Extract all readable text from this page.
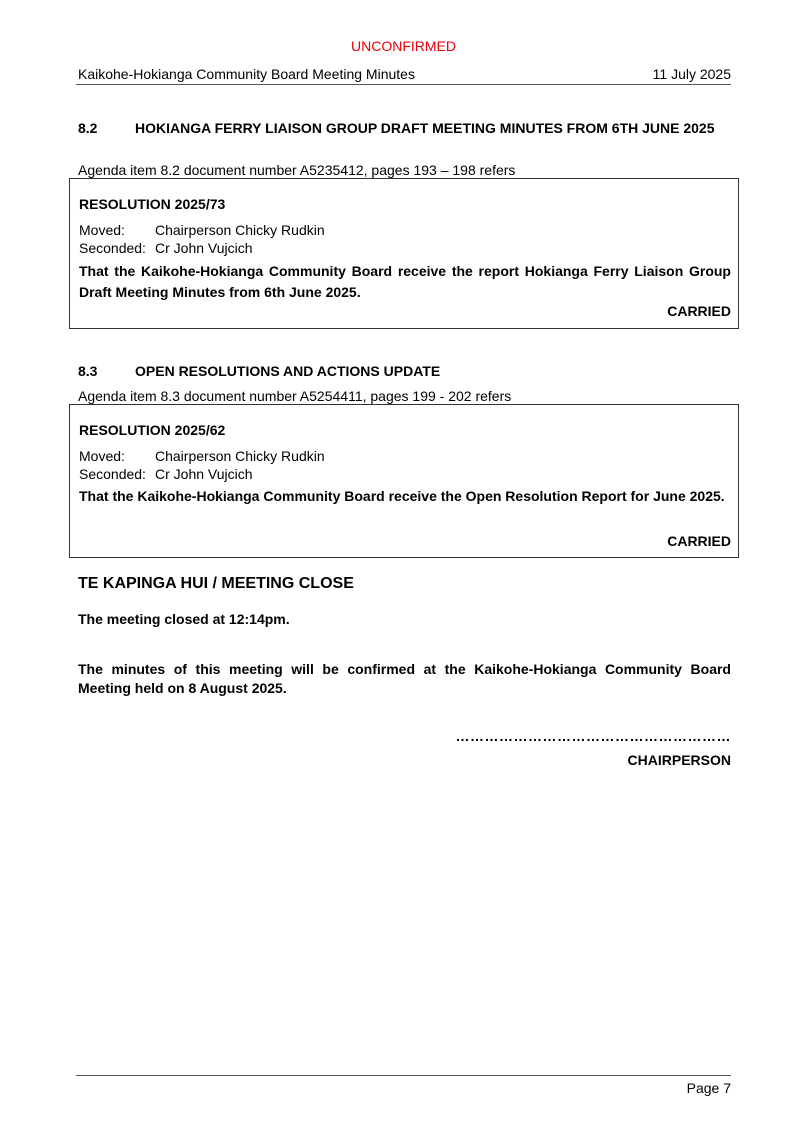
UNCONFIRMED
Kaikohe-Hokianga Community Board Meeting Minutes	11 July 2025
8.2	HOKIANGA FERRY LIAISON GROUP DRAFT MEETING MINUTES FROM 6TH JUNE 2025
Agenda item 8.2 document number A5235412, pages 193 – 198 refers
RESOLUTION 2025/73
Moved: Chairperson Chicky Rudkin
Seconded: Cr John Vujcich
That the Kaikohe-Hokianga Community Board receive the report Hokianga Ferry Liaison Group Draft Meeting Minutes from 6th June 2025.
CARRIED
8.3	OPEN RESOLUTIONS AND ACTIONS UPDATE
Agenda item 8.3 document number A5254411, pages 199 - 202 refers
RESOLUTION 2025/62
Moved: Chairperson Chicky Rudkin
Seconded: Cr John Vujcich
That the Kaikohe-Hokianga Community Board receive the Open Resolution Report for June 2025.
CARRIED
TE KAPINGA HUI / MEETING CLOSE
The meeting closed at 12:14pm.
The minutes of this meeting will be confirmed at the Kaikohe-Hokianga Community Board Meeting held on 8 August 2025.
…………………………………………………
CHAIRPERSON
Page 7
